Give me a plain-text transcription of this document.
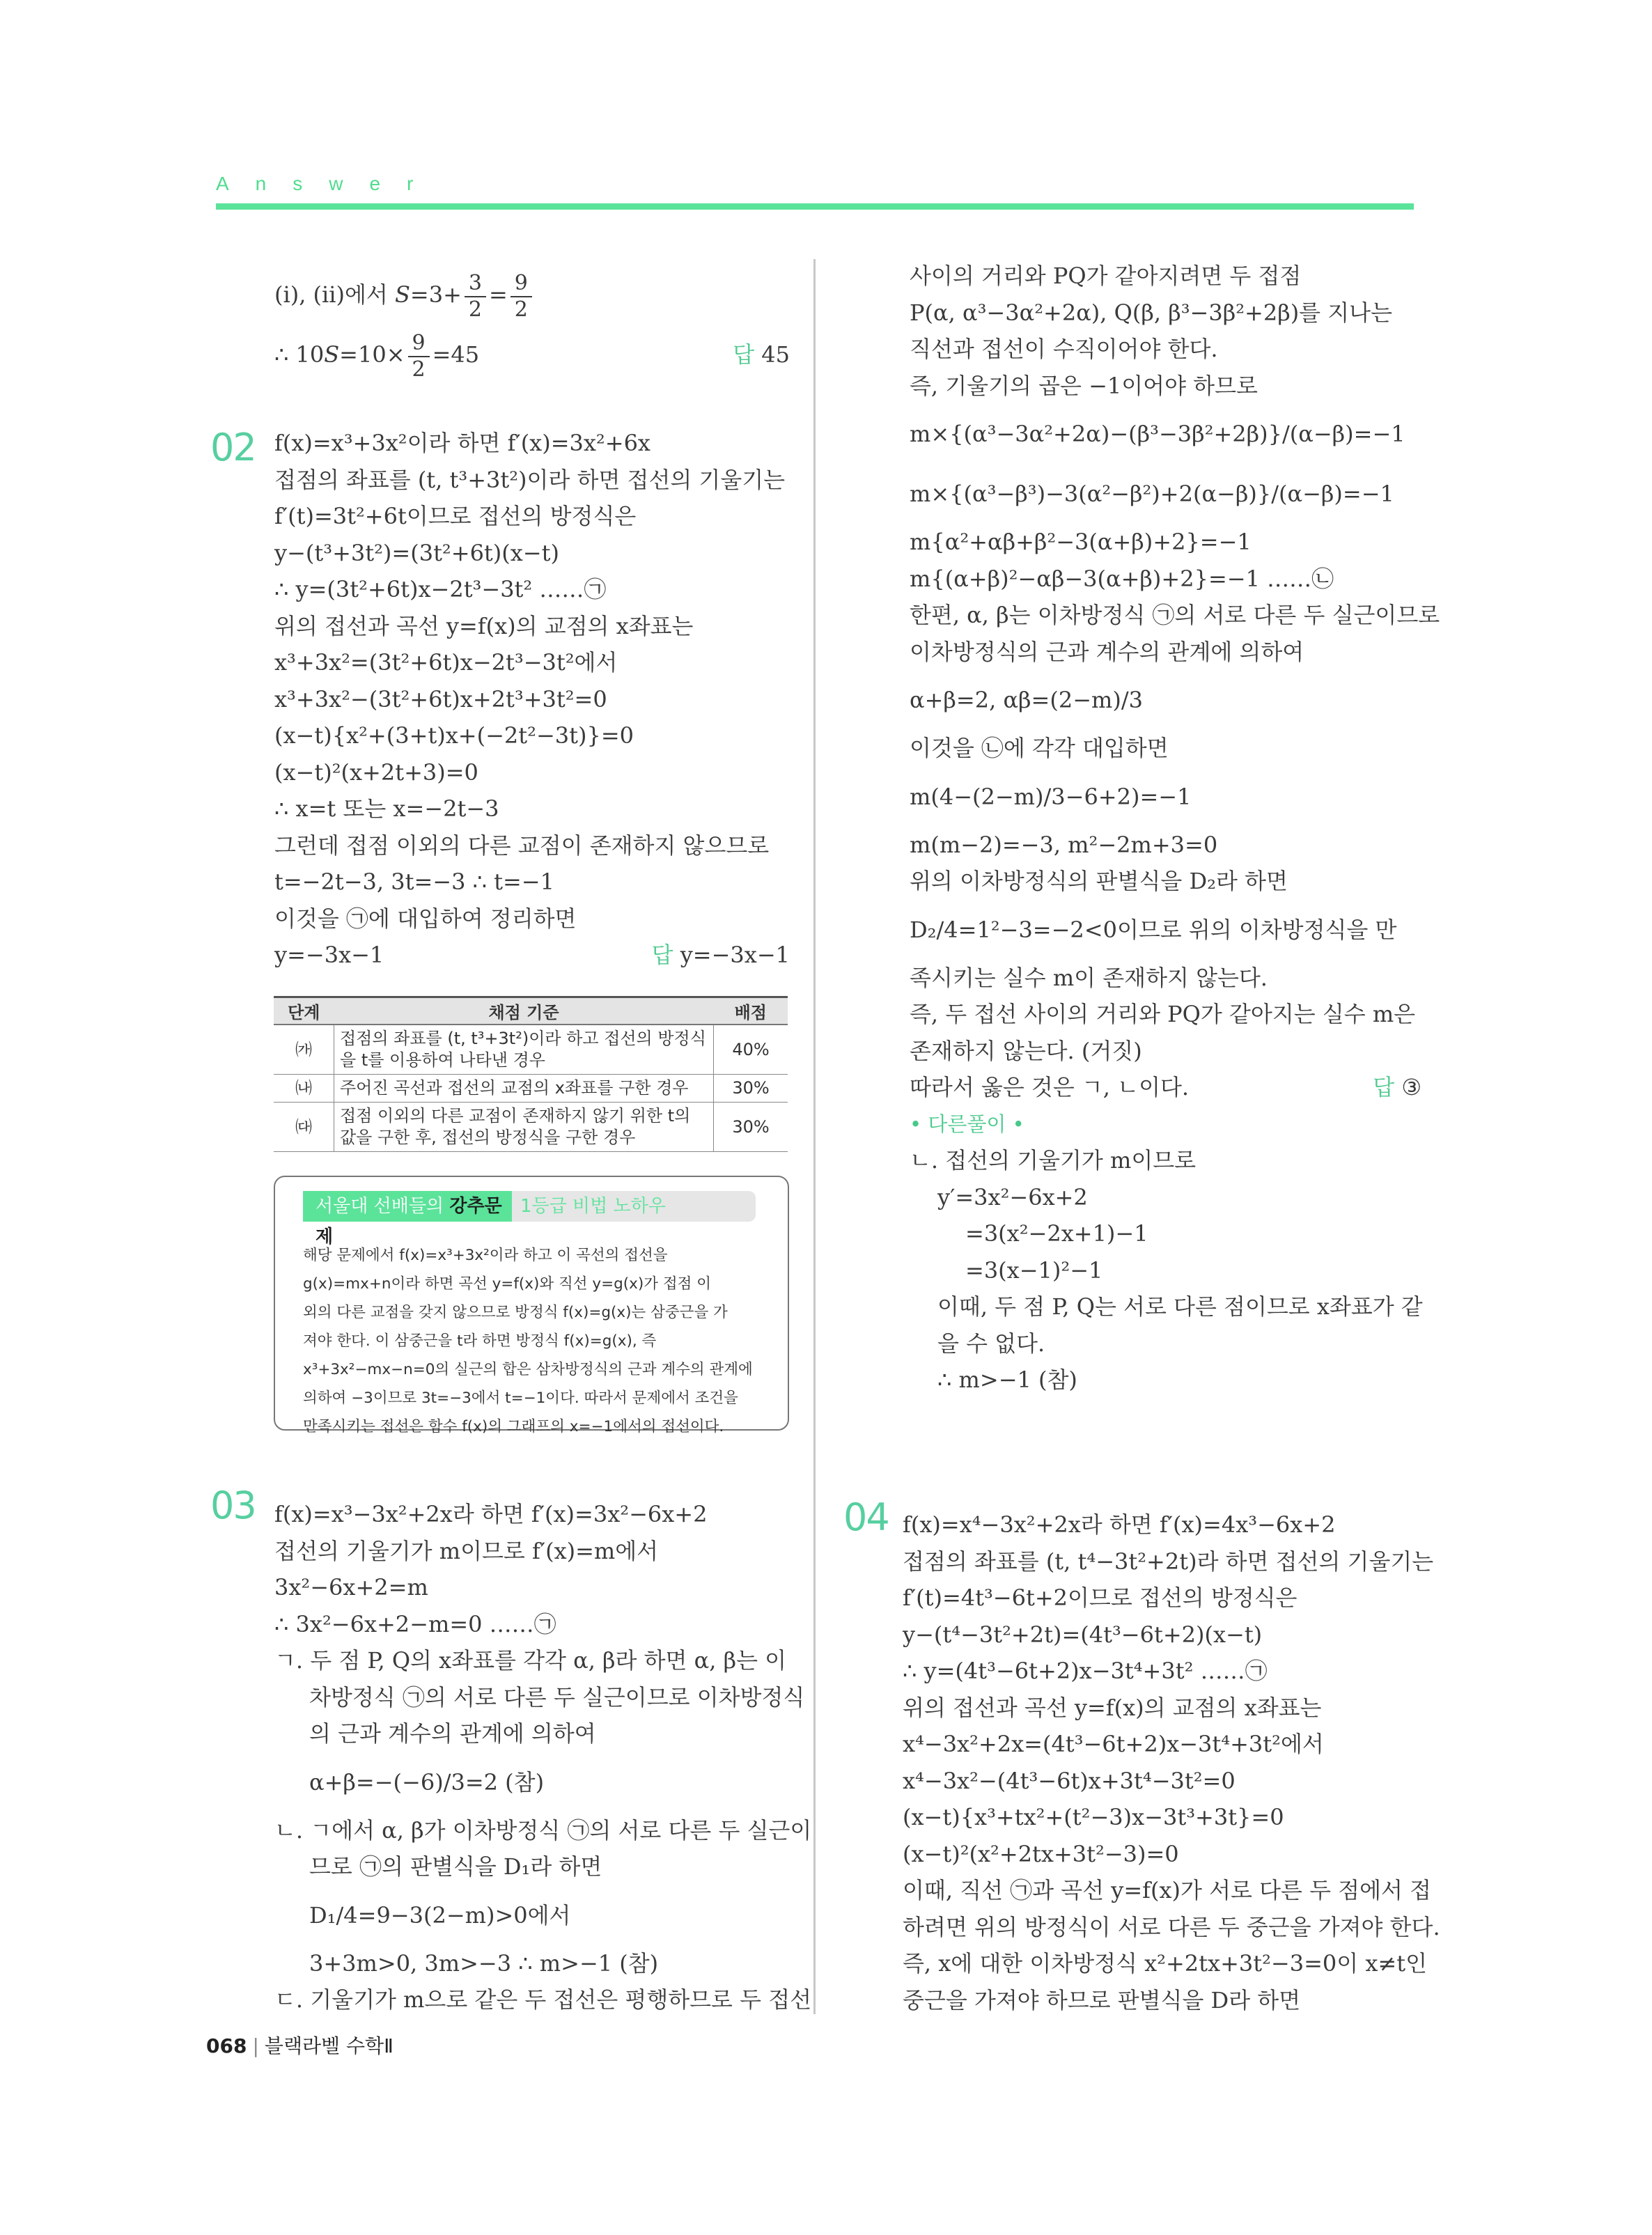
Answer
(ⅰ), (ⅱ)에서 $S=3+ \frac{3}{2} = \frac{9}{2}$
∴ $10S=10\times \frac{9}{2} =45$	답 45
02 f(x)=x³+3x²이라 하면 f′(x)=3x²+6x
접점의 좌표를 (t, t³+3t²)이라 하면 접선의 기울기는
f′(t)=3t²+6t이므로 접선의 방정식은
y−(t³+3t²)=(3t²+6t)(x−t)
∴ y=(3t²+6t)x−2t³−3t² ……㉠
위의 접선과 곡선 y=f(x)의 교점의 x좌표는
x³+3x²=(3t²+6t)x−2t³−3t²에서
x³+3x²−(3t²+6t)x+2t³+3t²=0
(x−t){x²+(3+t)x+(−2t²−3t)}=0
(x−t)²(x+2t+3)=0
∴ x=t 또는 x=−2t−3
그런데 접점 이외의 다른 교점이 존재하지 않으므로
t=−2t−3, 3t=−3 ∴ t=−1
이것을 ㉠에 대입하여 정리하면
y=−3x−1	답 y=−3x−1
단계	채점 기준	배점
㈎	접점의 좌표를 (t, t³+3t²)이라 하고 접선의 방정식을 t를 이용하여 나타낸 경우	40%
㈏	주어진 곡선과 접선의 교점의 x좌표를 구한 경우	30%
㈐	접점 이외의 다른 교점이 존재하지 않기 위한 t의 값을 구한 후, 접선의 방정식을 구한 경우	30%
서울대 선배들의 강추문제
1등급 비법 노하우
해당 문제에서 f(x)=x³+3x²이라 하고 이 곡선의 접선을
g(x)=mx+n이라 하면 곡선 y=f(x)와 직선 y=g(x)가 접점 이
외의 다른 교점을 갖지 않으므로 방정식 f(x)=g(x)는 삼중근을 가
져야 한다. 이 삼중근을 t라 하면 방정식 f(x)=g(x), 즉
x³+3x²−mx−n=0의 실근의 합은 삼차방정식의 근과 계수의 관계에
의하여 −3이므로 3t=−3에서 t=−1이다. 따라서 문제에서 조건을
만족시키는 접선은 함수 f(x)의 그래프의 x=−1에서의 접선이다.
사이의 거리와 PQ가 같아지려면 두 접점
P(α, α³−3α²+2α), Q(β, β³−3β²+2β)를 지나는
직선과 접선이 수직이어야 한다.
즉, 기울기의 곱은 −1이어야 하므로
m×{(α³−3α²+2α)−(β³−3β²+2β)}/(α−β)=−1
m×{(α³−β³)−3(α²−β²)+2(α−β)}/(α−β)=−1
m{α²+αβ+β²−3(α+β)+2}=−1
m{(α+β)²−αβ−3(α+β)+2}=−1 ……㉡
한편, α, β는 이차방정식 ㉠의 서로 다른 두 실근이므로
이차방정식의 근과 계수의 관계에 의하여
α+β=2, αβ=(2−m)/3
이것을 ㉡에 각각 대입하면
m(4−(2−m)/3−6+2)=−1
m(m−2)=−3, m²−2m+3=0
위의 이차방정식의 판별식을 D₂라 하면
D₂/4=1²−3=−2<0이므로 위의 이차방정식을 만
족시키는 실수 m이 존재하지 않는다.
즉, 두 접선 사이의 거리와 PQ가 같아지는 실수 m은
존재하지 않는다. (거짓)
따라서 옳은 것은 ㄱ, ㄴ이다.	답 ③
• 다른풀이 •
ㄴ. 접선의 기울기가 m이므로
y′=3x²−6x+2
=3(x²−2x+1)−1
=3(x−1)²−1
이때, 두 점 P, Q는 서로 다른 점이므로 x좌표가 같
을 수 없다.
∴ m>−1 (참)
03 f(x)=x³−3x²+2x라 하면 f′(x)=3x²−6x+2
접선의 기울기가 m이므로 f′(x)=m에서
3x²−6x+2=m
∴ 3x²−6x+2−m=0 ……㉠
ㄱ. 두 점 P, Q의 x좌표를 각각 α, β라 하면 α, β는 이
차방정식 ㉠의 서로 다른 두 실근이므로 이차방정식
의 근과 계수의 관계에 의하여
α+β=−(−6)/3=2 (참)
ㄴ. ㄱ에서 α, β가 이차방정식 ㉠의 서로 다른 두 실근이
므로 ㉠의 판별식을 D₁라 하면
D₁/4=9−3(2−m)>0에서
3+3m>0, 3m>−3 ∴ m>−1 (참)
ㄷ. 기울기가 m으로 같은 두 접선은 평행하므로 두 접선
04 f(x)=x⁴−3x²+2x라 하면 f′(x)=4x³−6x+2
접점의 좌표를 (t, t⁴−3t²+2t)라 하면 접선의 기울기는
f′(t)=4t³−6t+2이므로 접선의 방정식은
y−(t⁴−3t²+2t)=(4t³−6t+2)(x−t)
∴ y=(4t³−6t+2)x−3t⁴+3t² ……㉠
위의 접선과 곡선 y=f(x)의 교점의 x좌표는
x⁴−3x²+2x=(4t³−6t+2)x−3t⁴+3t²에서
x⁴−3x²−(4t³−6t)x+3t⁴−3t²=0
(x−t){x³+tx²+(t²−3)x−3t³+3t}=0
(x−t)²(x²+2tx+3t²−3)=0
이때, 직선 ㉠과 곡선 y=f(x)가 서로 다른 두 점에서 접
하려면 위의 방정식이 서로 다른 두 중근을 가져야 한다.
즉, x에 대한 이차방정식 x²+2tx+3t²−3=0이 x≠t인
중근을 가져야 하므로 판별식을 D라 하면
068 | 블랙라벨 수학Ⅱ
